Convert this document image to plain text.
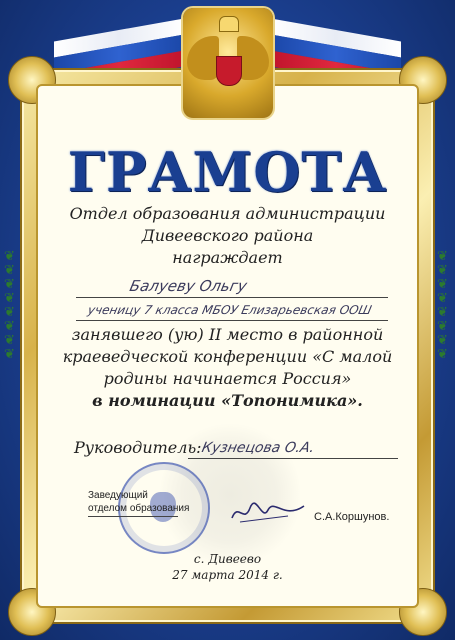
❦
❦
❦
❦
❦
❦
❦
❦
❦
❦
❦
❦
❦
❦
❦
❦
ГРАМОТА
Отдел образования администрации
Дивеевского района
награждает
Балуеву Ольгу
ученицу 7 класса МБОУ Елизарьевская ООШ
занявшего (ую) II место в районной
краеведческой конференции «С малой
родины начинается Россия»
в номинации «Топонимика».
Руководитель:
Кузнецова О.А.
Заведующий
отделом образования
С.А.Коршунов.
с. Дивеево
27 марта 2014 г.
